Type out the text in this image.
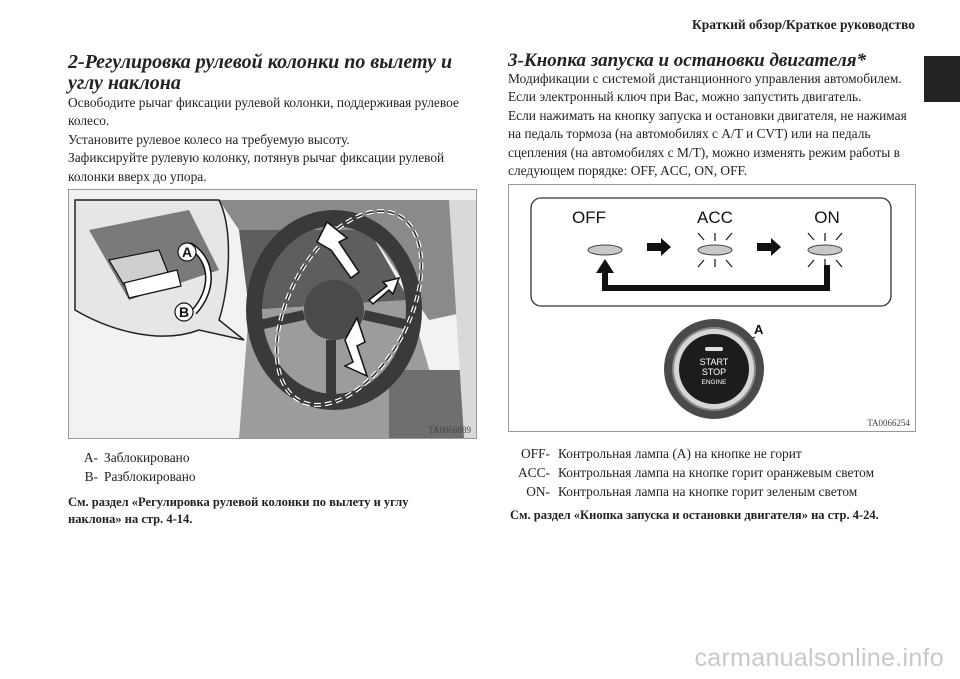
Краткий обзор/Краткое руководство
2-Регулировка рулевой колонки по вылету и углу наклона

Освободите рычаг фиксации рулевой колонки, поддерживая рулевое колесо.

Установите рулевое колесо на требуемую высоту.

Зафиксируйте рулевую колонку, потянув рычаг фиксации рулевой колонки вверх до упора.

A
B
TA0066889
A- Заблокировано
B- Разблокировано
См. раздел «Регулировка рулевой колонки по вылету и углу наклона» на стр. 4-14.
3-Кнопка запуска и остановки двигателя*

Модификации с системой дистанционного управления автомобилем.

Если электронный ключ при Вас, можно запустить двигатель.

Если нажимать на кнопку запуска и остановки двигателя, не нажимая на педаль тормоза (на автомобилях с A/T и CVT) или на педаль сцепления (на автомобилях с M/T), можно изменять режим работы в следующем порядке: OFF, ACC, ON, OFF.

OFF	ACC	ON
A
START
STOP
ENGINE
TA0066254
OFF- Контрольная лампа (A) на кнопке не горит
ACC- Контрольная лампа на кнопке горит оранжевым светом
ON- Контрольная лампа на кнопке горит зеленым светом
См. раздел «Кнопка запуска и остановки двигателя» на стр. 4-24.
carmanualsonline.info
